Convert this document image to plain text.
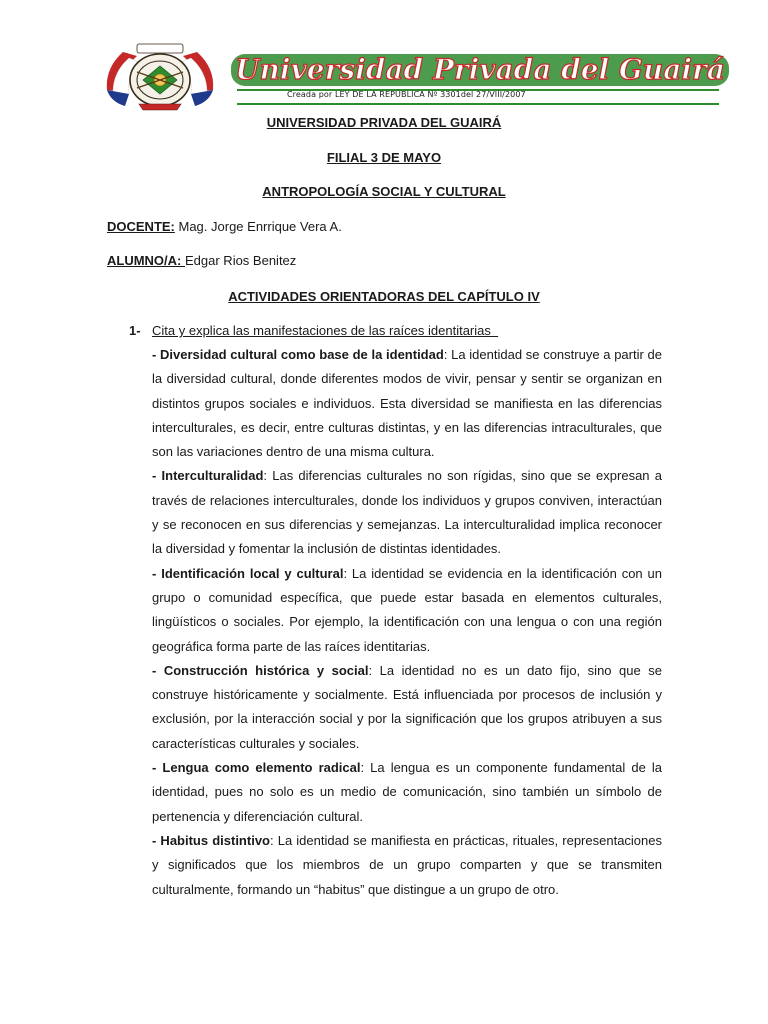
Universidad Privada del Guairá
Creada por LEY DE LA REPÚBLICA Nº 3301del 27/VIII/2007
UNIVERSIDAD PRIVADA DEL GUAIRÁ
FILIAL 3 DE MAYO
ANTROPOLOGÍA SOCIAL Y CULTURAL
DOCENTE: Mag. Jorge Enrrique Vera A.
ALUMNO/A: Edgar Rios Benitez
ACTIVIDADES ORIENTADORAS DEL CAPÍTULO IV
1- Cita y explica las manifestaciones de las raíces identitarias

- Diversidad cultural como base de la identidad: La identidad se construye a partir de la diversidad cultural, donde diferentes modos de vivir, pensar y sentir se organizan en distintos grupos sociales e individuos. Esta diversidad se manifiesta en las diferencias interculturales, es decir, entre culturas distintas, y en las diferencias intraculturales, que son las variaciones dentro de una misma cultura.

- Interculturalidad: Las diferencias culturales no son rígidas, sino que se expresan a través de relaciones interculturales, donde los individuos y grupos conviven, interactúan y se reconocen en sus diferencias y semejanzas. La interculturalidad implica reconocer la diversidad y fomentar la inclusión de distintas identidades.

- Identificación local y cultural: La identidad se evidencia en la identificación con un grupo o comunidad específica, que puede estar basada en elementos culturales, lingüísticos o sociales. Por ejemplo, la identificación con una lengua o con una región geográfica forma parte de las raíces identitarias.

- Construcción histórica y social: La identidad no es un dato fijo, sino que se construye históricamente y socialmente. Está influenciada por procesos de inclusión y exclusión, por la interacción social y por la significación que los grupos atribuyen a sus características culturales y sociales.

- Lengua como elemento radical: La lengua es un componente fundamental de la identidad, pues no solo es un medio de comunicación, sino también un símbolo de pertenencia y diferenciación cultural.

- Habitus distintivo: La identidad se manifiesta en prácticas, rituales, representaciones y significados que los miembros de un grupo comparten y que se transmiten culturalmente, formando un “habitus” que distingue a un grupo de otro.
